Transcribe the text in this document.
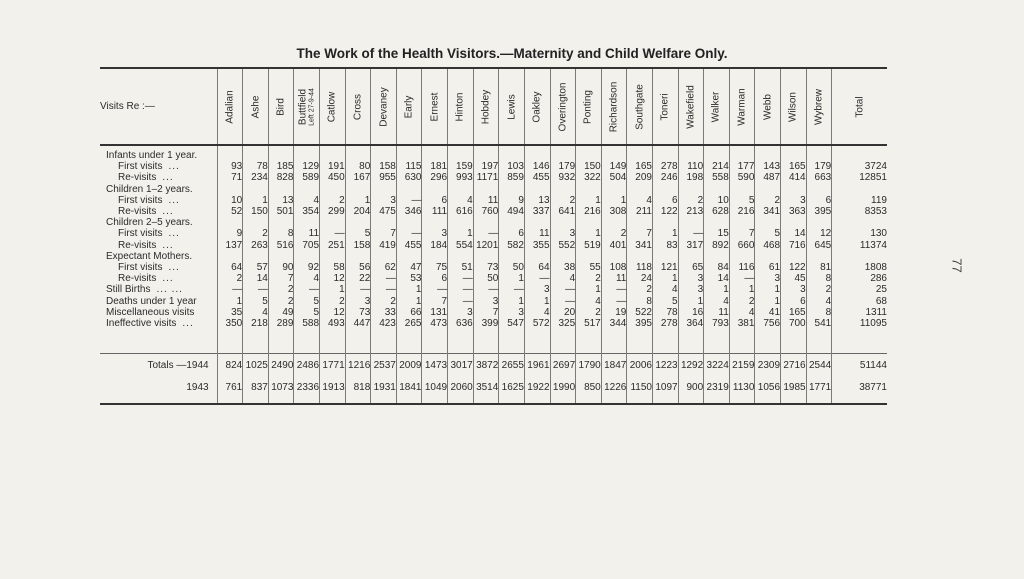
The Work of the Health Visitors.—Maternity and Child Welfare Only.
77
Visits Re :—	Adalian	Ashe	Bird	Buttfield Left 27-9-44	Catlow	Cross	Devaney	Early	Ernest	Hinton	Hobdey	Lewis	Oakley	Overington	Ponting	Richardson	Southgate	Toneri	Wakefield	Walker	Warman	Webb	Wilson	Wybrew	Total

Infants under 1 year.																									
First visits ...	93	78	185	129	191	80	158	115	181	159	197	103	146	179	150	149	165	278	110	214	177	143	165	179	3724
Re-visits ...	71	234	828	589	450	167	955	630	296	993	1171	859	455	932	322	504	209	246	198	558	590	487	414	663	12851
Children 1–2 years.																									
First visits ...	10	1	13	4	2	1	3	—	6	4	11	9	13	2	1	1	4	6	2	10	5	2	3	6	119
Re-visits ...	52	150	501	354	299	204	475	346	111	616	760	494	337	641	216	308	211	122	213	628	216	341	363	395	8353
Children 2–5 years.																									
First visits ...	9	2	8	11	—	5	7	—	3	1	—	6	11	3	1	2	7	1	—	15	7	5	14	12	130
Re-visits ...	137	263	516	705	251	158	419	455	184	554	1201	582	355	552	519	401	341	83	317	892	660	468	716	645	11374
Expectant Mothers.																									
First visits ...	64	57	90	92	58	56	62	47	75	51	73	50	64	38	55	108	118	121	65	84	116	61	122	81	1808
Re-visits ...	2	14	7	4	12	22	—	53	6	—	50	1	—	4	2	11	24	1	3	14	—	3	45	8	286
Still Births ... ...	—	—	2	—	1	—	—	1	—	—	—	—	3	—	1	—	2	4	3	1	1	1	3	2	25
Deaths under 1 year	1	5	2	5	2	3	2	1	7	—	3	1	1	—	4	—	8	5	1	4	2	1	6	4	68
Miscellaneous visits	35	4	49	5	12	73	33	66	131	3	7	3	4	20	2	19	522	78	16	11	4	41	165	8	1311
Ineffective visits ...	350	218	289	588	493	447	423	265	473	636	399	547	572	325	517	344	395	278	364	793	381	756	700	541	11095

Totals —1944	824	1025	2490	2486	1771	1216	2537	2009	1473	3017	3872	2655	1961	2697	1790	1847	2006	1223	1292	3224	2159	2309	2716	2544	51144
1943	761	837	1073	2336	1913	818	1931	1841	1049	2060	3514	1625	1922	1990	850	1226	1150	1097	900	2319	1130	1056	1985	1771	38771
